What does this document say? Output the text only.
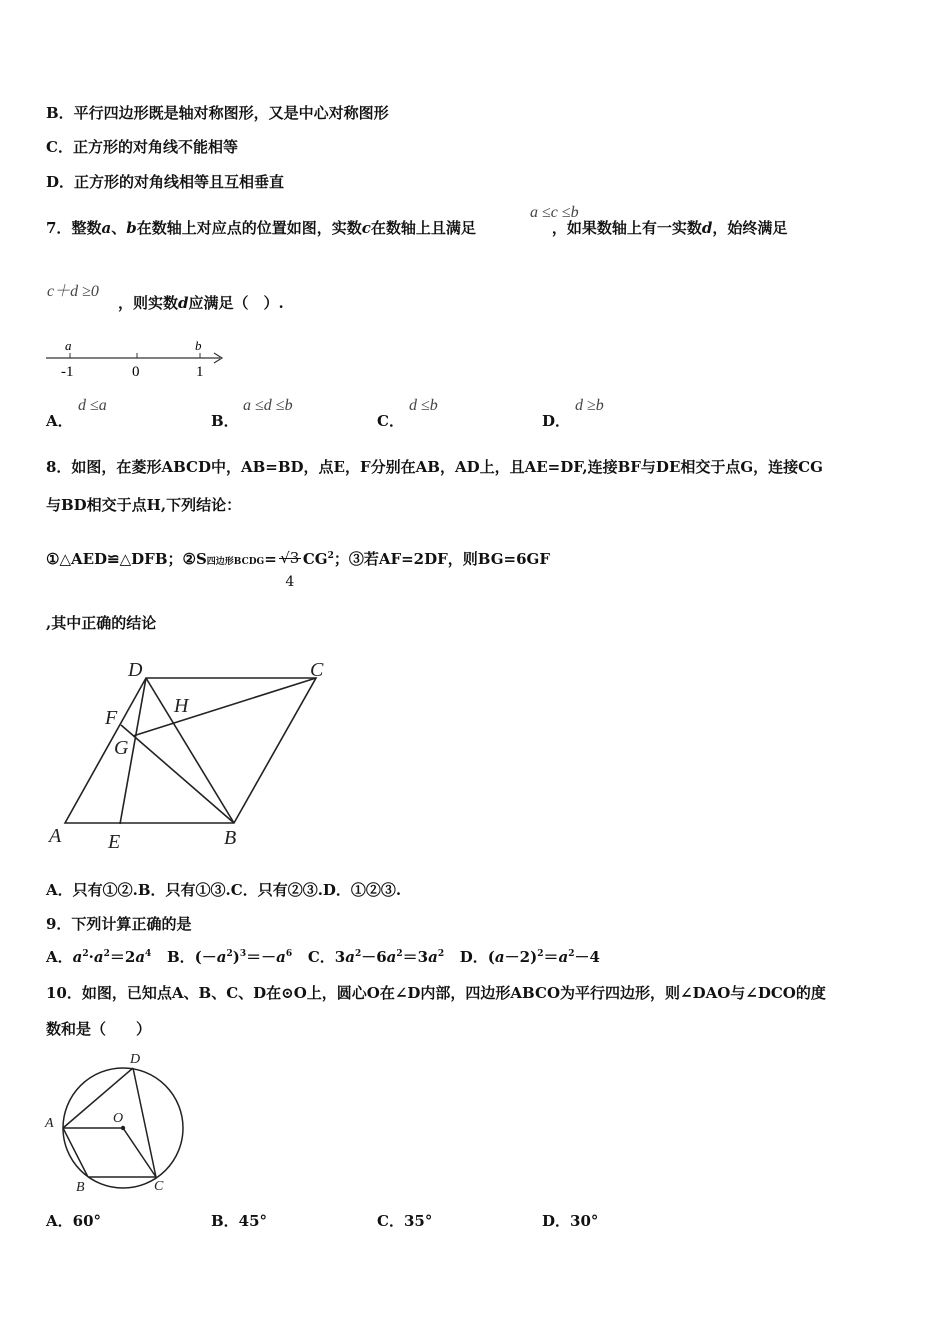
B．平行四边形既是轴对称图形，又是中心对称图形
C．正方形的对角线不能相等
D．正方形的对角线相等且互相垂直
7．整数a、b在数轴上对应点的位置如图，实数c在数轴上且满足	，如果数轴上有一实数d，始终满足
a ≤c ≤b
c＋d ≥0
，则实数d应满足（　）.
a	b
-1	0	1
A．
d ≤a
B．
a ≤d ≤b
C．
d ≤b
D．
d ≥b
8．如图，在菱形ABCD中，AB=BD，点E，F分别在AB，AD上，且AE=DF,连接BF与DE相交于点G，连接CG
与BD相交于点H,下列结论：
①△AED≌△DFB；②S四边形BCDG= √3
4
$CG^2$；③若AF=2DF，则BG=6GF
,其中正确的结论
D	C
H
F
G
A E	B
A．只有①②.B．只有①③.C．只有②③.D．①②③.
9．下列计算正确的是
A．$a^2\cdot a^2=2a^4$ B．$(-a^2)^3=-a^6$ C．$3a^2-6a^2=3a^2$ D．$(a-2)^2=a^2-4$
10．如图，已知点A、B、C、D在⊙O上，圆心O在∠D内部，四边形ABCO为平行四边形，则∠DAO与∠DCO的度
数和是（　　）
D
A	O
B	C
A．60°	B．45°	C．35°	D．30°
